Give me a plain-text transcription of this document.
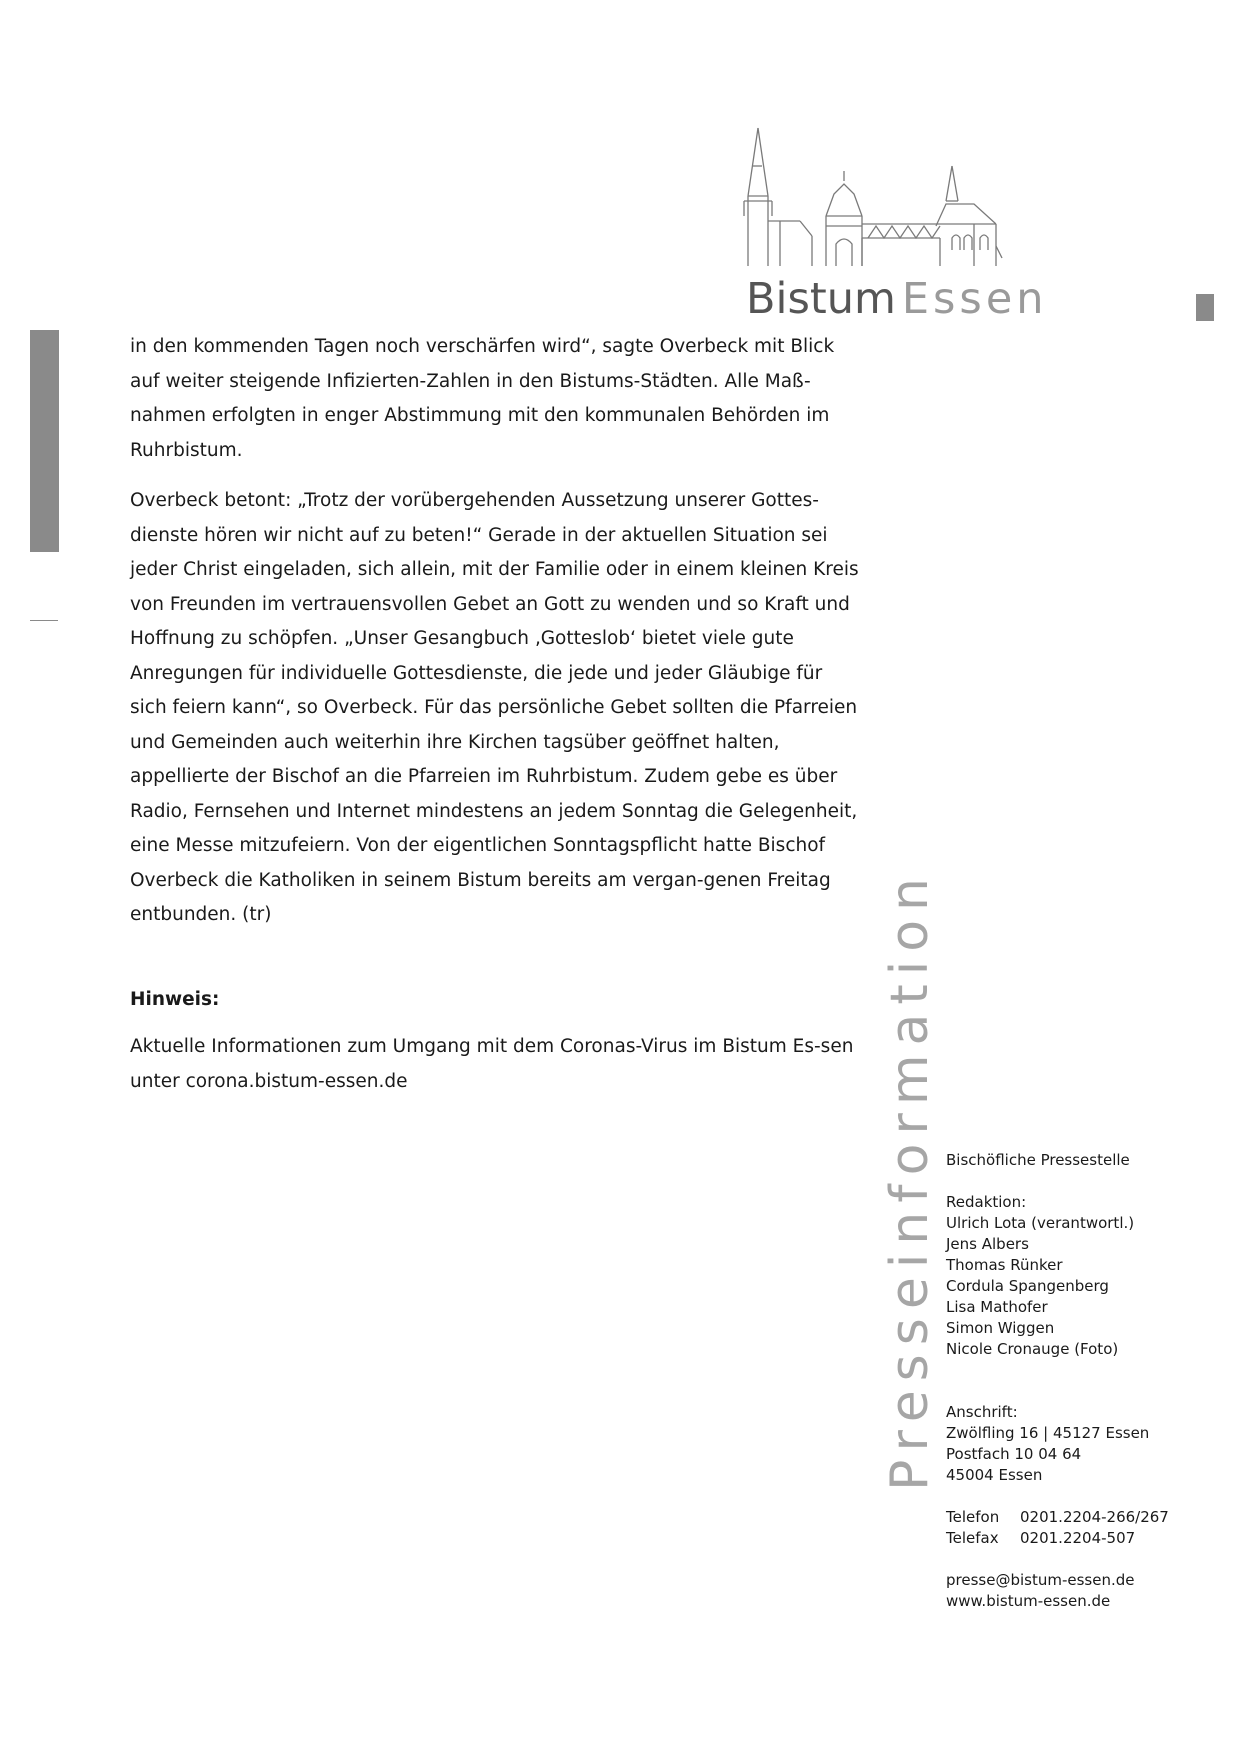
Bistum Essen

in den kommenden Tagen noch verschärfen wird“, sagte Overbeck mit Blick auf weiter steigende Infizierten-Zahlen in den Bistums-Städten. Alle Maß-nahmen erfolgten in enger Abstimmung mit den kommunalen Behörden im Ruhrbistum.

Overbeck betont: „Trotz der vorübergehenden Aussetzung unserer Gottes-dienste hören wir nicht auf zu beten!“ Gerade in der aktuellen Situation sei jeder Christ eingeladen, sich allein, mit der Familie oder in einem kleinen Kreis von Freunden im vertrauensvollen Gebet an Gott zu wenden und so Kraft und Hoffnung zu schöpfen. „Unser Gesangbuch ‚Gotteslob‘ bietet viele gute Anregungen für individuelle Gottesdienste, die jede und jeder Gläubige für sich feiern kann“, so Overbeck. Für das persönliche Gebet sollten die Pfarreien und Gemeinden auch weiterhin ihre Kirchen tagsüber geöffnet halten, appellierte der Bischof an die Pfarreien im Ruhrbistum. Zudem gebe es über Radio, Fernsehen und Internet mindestens an jedem Sonntag die Gelegenheit, eine Messe mitzufeiern. Von der eigentlichen Sonntagspflicht hatte Bischof Overbeck die Katholiken in seinem Bistum bereits am vergan-genen Freitag entbunden. (tr)

Hinweis:

Aktuelle Informationen zum Umgang mit dem Coronas-Virus im Bistum Es-sen unter corona.bistum-essen.de	Presseinformation Bischöfliche Pressestelle
Redaktion:
Ulrich Lota (verantwortl.)
Jens Albers
Thomas Rünker
Cordula Spangenberg
Lisa Mathofer
Simon Wiggen
Nicole Cronauge (Foto)
Anschrift:
Zwölfling 16 | 45127 Essen
Postfach 10 04 64
45004 Essen
Telefon 0201.2204-266/267
Telefax 0201.2204-507
presse@bistum-essen.de
www.bistum-essen.de
